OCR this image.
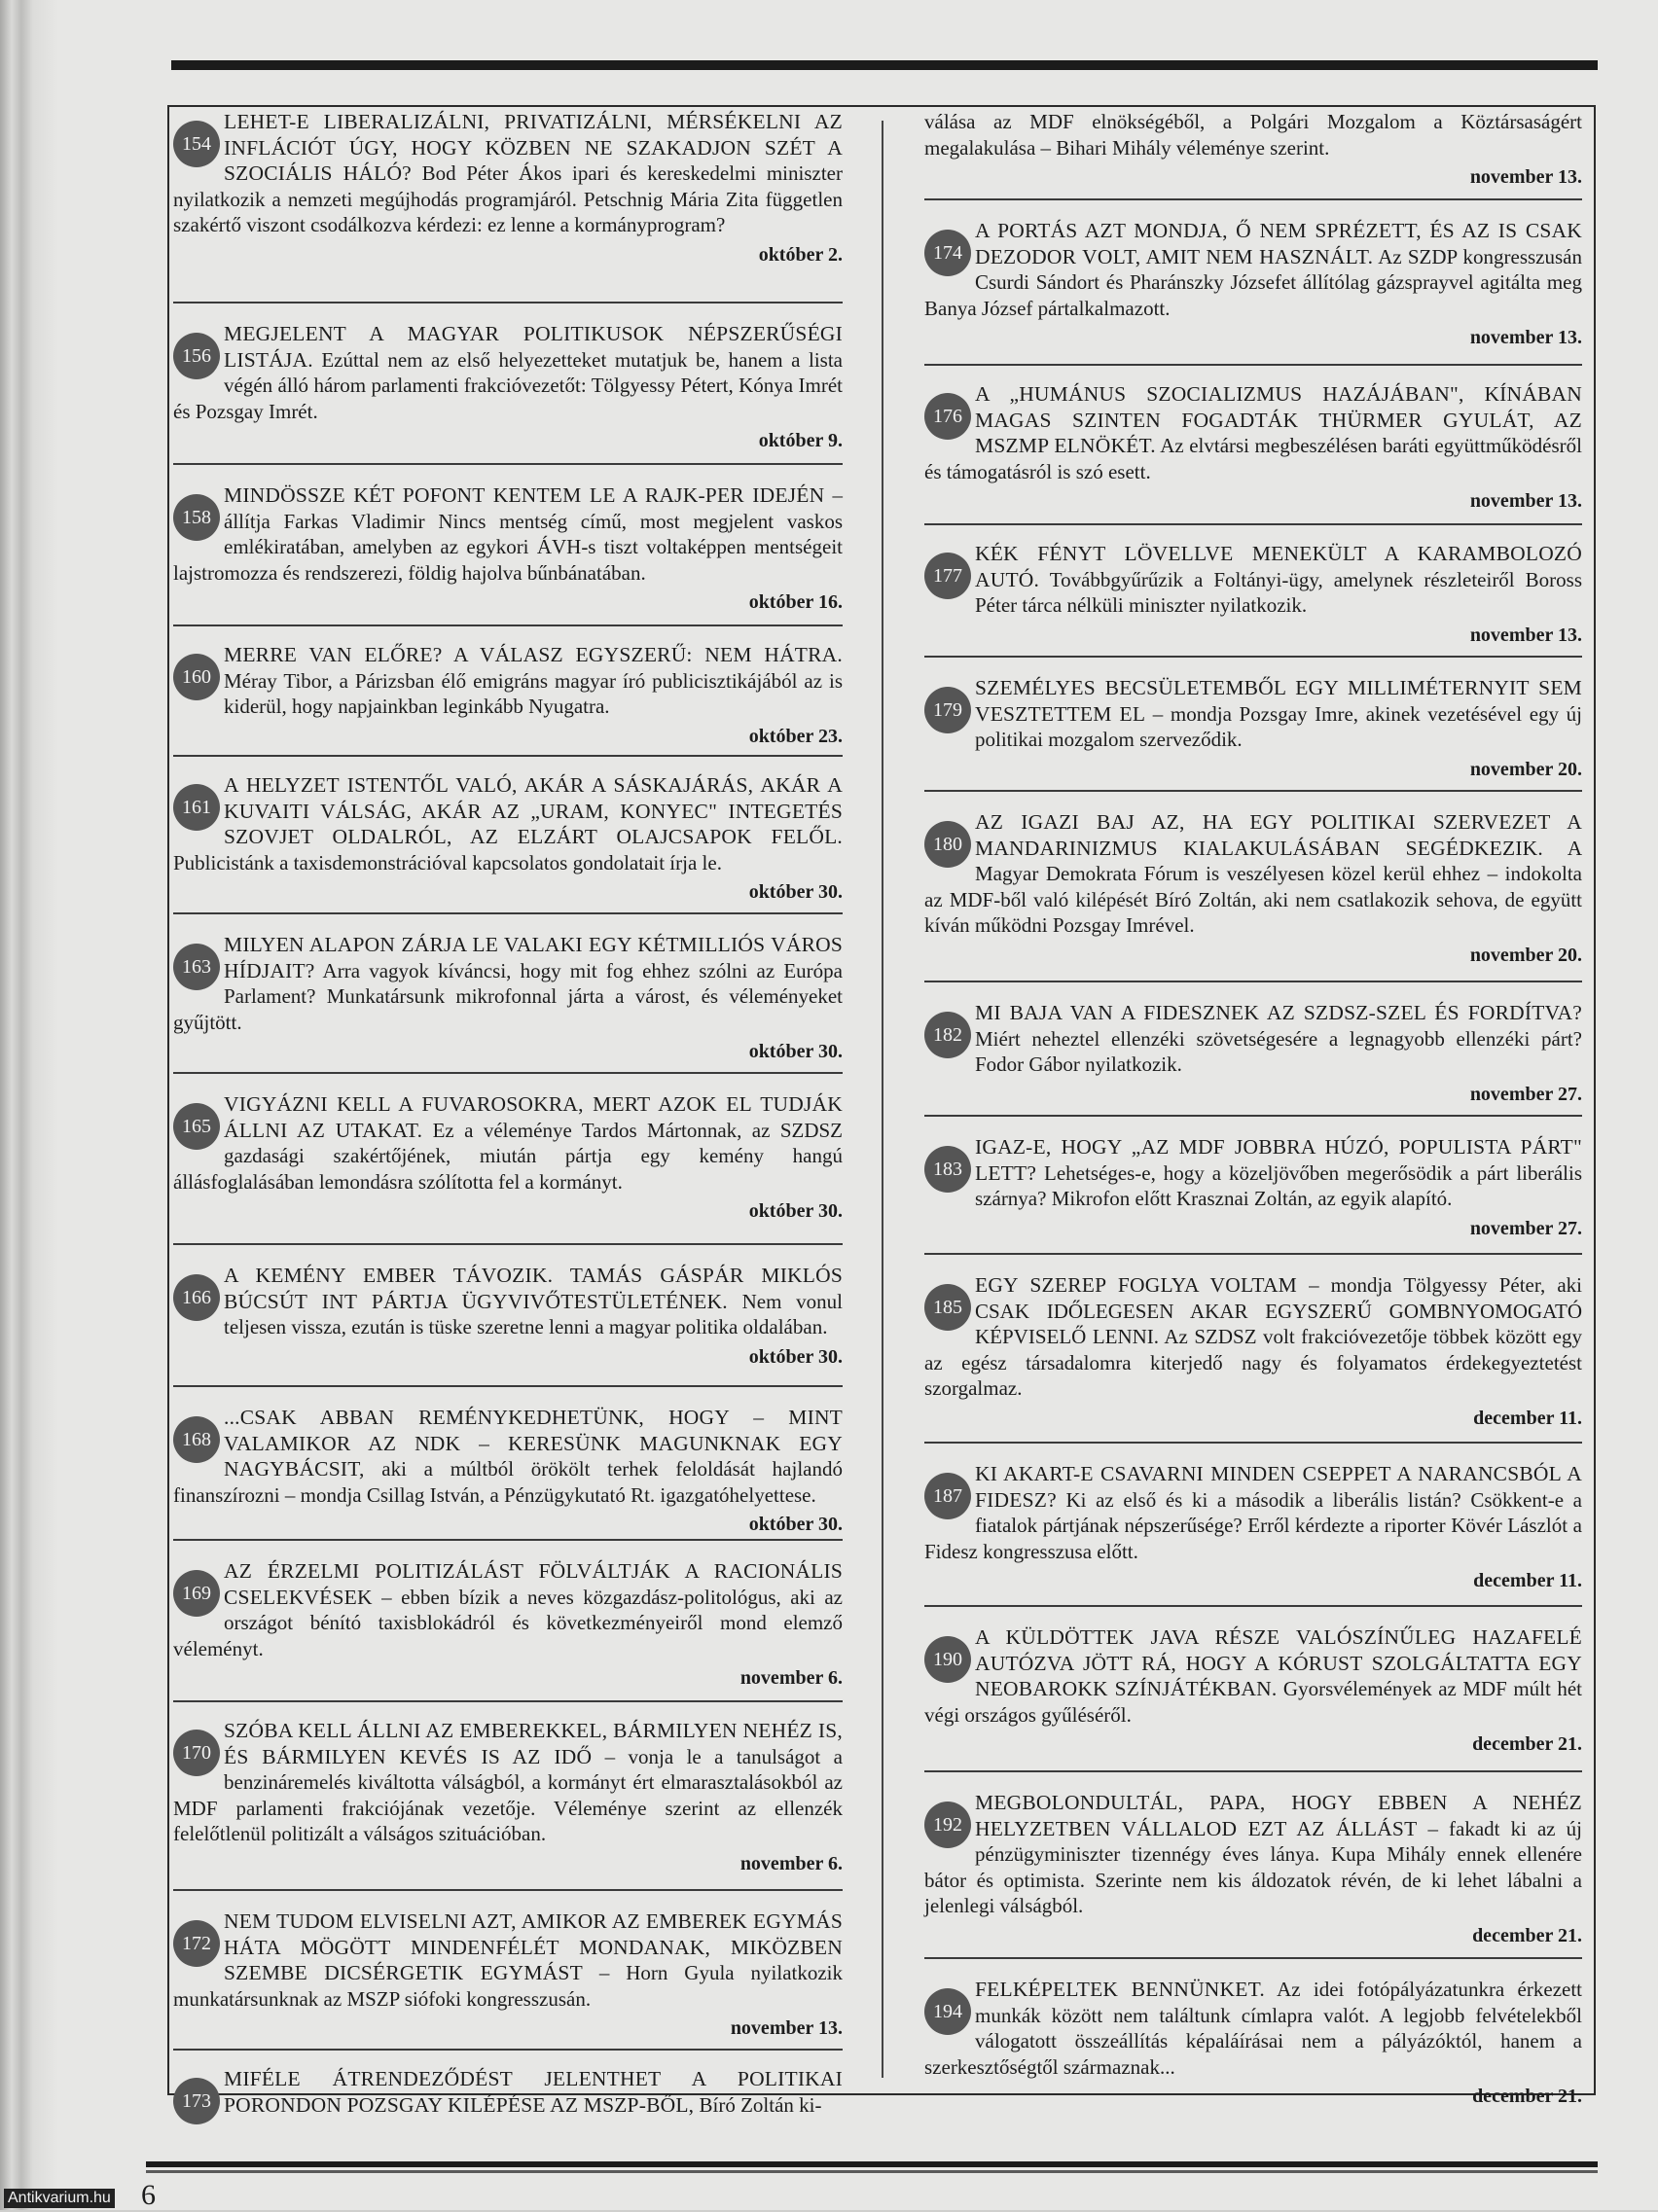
154
LEHET-E LIBERALIZÁLNI, PRIVATIZÁLNI, MÉRSÉKELNI AZ INFLÁCIÓT ÚGY, HOGY KÖZBEN NE SZAKADJON SZÉT A SZOCIÁLIS HÁLÓ? Bod Péter Ákos ipari és kereskedelmi miniszter nyilatkozik a nemzeti megújhodás programjáról. Petschnig Mária Zita független szakértő viszont csodálkozva kérdezi: ez lenne a kormányprogram?
október 2.
156
MEGJELENT A MAGYAR POLITIKUSOK NÉPSZERŰSÉGI LISTÁJA. Ezúttal nem az első helyezetteket mutatjuk be, hanem a lista végén álló három parlamenti frakcióvezetőt: Tölgyessy Pétert, Kónya Imrét és Pozsgay Imrét.
október 9.
158
MINDÖSSZE KÉT POFONT KENTEM LE A RAJK-PER IDEJÉN – állítja Farkas Vladimir Nincs mentség című, most megjelent vaskos emlékiratában, amelyben az egykori ÁVH-s tiszt voltaképpen mentségeit lajstromozza és rendszerezi, földig hajolva bűnbánatában.
október 16.
160
MERRE VAN ELŐRE? A VÁLASZ EGYSZERŰ: NEM HÁTRA. Méray Tibor, a Párizsban élő emigráns magyar író publicisztikájából az is kiderül, hogy napjainkban leginkább Nyugatra.
október 23.
161
A HELYZET ISTENTŐL VALÓ, AKÁR A SÁSKAJÁRÁS, AKÁR A KUVAITI VÁLSÁG, AKÁR AZ „URAM, KONYEC" INTEGETÉS SZOVJET OLDALRÓL, AZ ELZÁRT OLAJCSAPOK FELŐL. Publicistánk a taxisdemonstrációval kapcsolatos gondolatait írja le.
október 30.
163
MILYEN ALAPON ZÁRJA LE VALAKI EGY KÉTMILLIÓS VÁROS HÍDJAIT? Arra vagyok kíváncsi, hogy mit fog ehhez szólni az Európa Parlament? Munkatársunk mikrofonnal járta a várost, és véleményeket gyűjtött.
október 30.
165
VIGYÁZNI KELL A FUVAROSOKRA, MERT AZOK EL TUDJÁK ÁLLNI AZ UTAKAT. Ez a véleménye Tardos Mártonnak, az SZDSZ gazdasági szakértőjének, miután pártja egy kemény hangú állásfoglalásában lemondásra szólította fel a kormányt.
október 30.
166
A KEMÉNY EMBER TÁVOZIK. TAMÁS GÁSPÁR MIKLÓS BÚCSÚT INT PÁRTJA ÜGYVIVŐTESTÜLETÉNEK. Nem vonul teljesen vissza, ezután is tüske szeretne lenni a magyar politika oldalában.
október 30.
168
...CSAK ABBAN REMÉNYKEDHETÜNK, HOGY – MINT VALAMIKOR AZ NDK – KERESÜNK MAGUNKNAK EGY NAGYBÁCSIT, aki a múltból örökölt terhek feloldását hajlandó finanszírozni – mondja Csillag István, a Pénzügykutató Rt. igazgatóhelyettese.
október 30.
169
AZ ÉRZELMI POLITIZÁLÁST FÖLVÁLTJÁK A RACIONÁLIS CSELEKVÉSEK – ebben bízik a neves közgazdász-politológus, aki az országot bénító taxisblokádról és következményeiről mond elemző véleményt.
november 6.
170
SZÓBA KELL ÁLLNI AZ EMBEREKKEL, BÁRMILYEN NEHÉZ IS, ÉS BÁRMILYEN KEVÉS IS AZ IDŐ – vonja le a tanulságot a benzináremelés kiváltotta válságból, a kormányt ért elmarasztalásokból az MDF parlamenti frakciójának vezetője. Véleménye szerint az ellenzék felelőtlenül politizált a válságos szituációban.
november 6.
172
NEM TUDOM ELVISELNI AZT, AMIKOR AZ EMBEREK EGYMÁS HÁTA MÖGÖTT MINDENFÉLÉT MONDANAK, MIKÖZBEN SZEMBE DICSÉRGETIK EGYMÁST – Horn Gyula nyilatkozik munkatársunknak az MSZP siófoki kongresszusán.
november 13.
173
MIFÉLE ÁTRENDEZŐDÉST JELENTHET A POLITIKAI PORONDON POZSGAY KILÉPÉSE AZ MSZP-BŐL, Bíró Zoltán ki-
válása az MDF elnökségéből, a Polgári Mozgalom a Köztársaságért megalakulása – Bihari Mihály véleménye szerint.
november 13.
174
A PORTÁS AZT MONDJA, Ő NEM SPRÉZETT, ÉS AZ IS CSAK DEZODOR VOLT, AMIT NEM HASZNÁLT. Az SZDP kongresszusán Csurdi Sándort és Pharánszky Józsefet állítólag gázsprayvel agitálta meg Banya József pártalkalmazott.
november 13.
176
A „HUMÁNUS SZOCIALIZMUS HAZÁJÁBAN", KÍNÁBAN MAGAS SZINTEN FOGADTÁK THÜRMER GYULÁT, AZ MSZMP ELNÖKÉT. Az elvtársi megbeszélésen baráti együttműködésről és támogatásról is szó esett.
november 13.
177
KÉK FÉNYT LÖVELLVE MENEKÜLT A KARAMBOLOZÓ AUTÓ. Továbbgyűrűzik a Foltányi-ügy, amelynek részleteiről Boross Péter tárca nélküli miniszter nyilatkozik.
november 13.
179
SZEMÉLYES BECSÜLETEMBŐL EGY MILLIMÉTERNYIT SEM VESZTETTEM EL – mondja Pozsgay Imre, akinek vezetésével egy új politikai mozgalom szerveződik.
november 20.
180
AZ IGAZI BAJ AZ, HA EGY POLITIKAI SZERVEZET A MANDARINIZMUS KIALAKULÁSÁBAN SEGÉDKEZIK. A Magyar Demokrata Fórum is veszélyesen közel kerül ehhez – indokolta az MDF-ből való kilépését Bíró Zoltán, aki nem csatlakozik sehova, de együtt kíván működni Pozsgay Imrével.
november 20.
182
MI BAJA VAN A FIDESZNEK AZ SZDSZ-SZEL ÉS FORDÍTVA? Miért neheztel ellenzéki szövetségesére a legnagyobb ellenzéki párt? Fodor Gábor nyilatkozik.
november 27.
183
IGAZ-E, HOGY „AZ MDF JOBBRA HÚZÓ, POPULISTA PÁRT" LETT? Lehetséges-e, hogy a közeljövőben megerősödik a párt liberális szárnya? Mikrofon előtt Krasznai Zoltán, az egyik alapító.
november 27.
185
EGY SZEREP FOGLYA VOLTAM – mondja Tölgyessy Péter, aki CSAK IDŐLEGESEN AKAR EGYSZERŰ GOMBNYOMOGATÓ KÉPVISELŐ LENNI. Az SZDSZ volt frakcióvezetője többek között egy az egész társadalomra kiterjedő nagy és folyamatos érdekegyeztetést szorgalmaz.
december 11.
187
KI AKART-E CSAVARNI MINDEN CSEPPET A NARANCSBÓL A FIDESZ? Ki az első és ki a második a liberális listán? Csökkent-e a fiatalok pártjának népszerűsége? Erről kérdezte a riporter Kövér Lászlót a Fidesz kongresszusa előtt.
december 11.
190
A KÜLDÖTTEK JAVA RÉSZE VALÓSZÍNŰLEG HAZAFELÉ AUTÓZVA JÖTT RÁ, HOGY A KÓRUST SZOLGÁLTATTA EGY NEOBAROKK SZÍNJÁTÉKBAN. Gyorsvélemények az MDF múlt hét végi országos gyűléséről.
december 21.
192
MEGBOLONDULTÁL, PAPA, HOGY EBBEN A NEHÉZ HELYZETBEN VÁLLALOD EZT AZ ÁLLÁST – fakadt ki az új pénzügyminiszter tizennégy éves lánya. Kupa Mihály ennek ellenére bátor és optimista. Szerinte nem kis áldozatok révén, de ki lehet lábalni a jelenlegi válságból.
december 21.
194
FELKÉPELTEK BENNÜNKET. Az idei fotópályázatunkra érkezett munkák között nem találtunk címlapra valót. A legjobb felvételekből válogatott összeállítás képaláírásai nem a pályázóktól, hanem a szerkesztőségtől származnak...
december 21.
6
Antikvarium.hu
